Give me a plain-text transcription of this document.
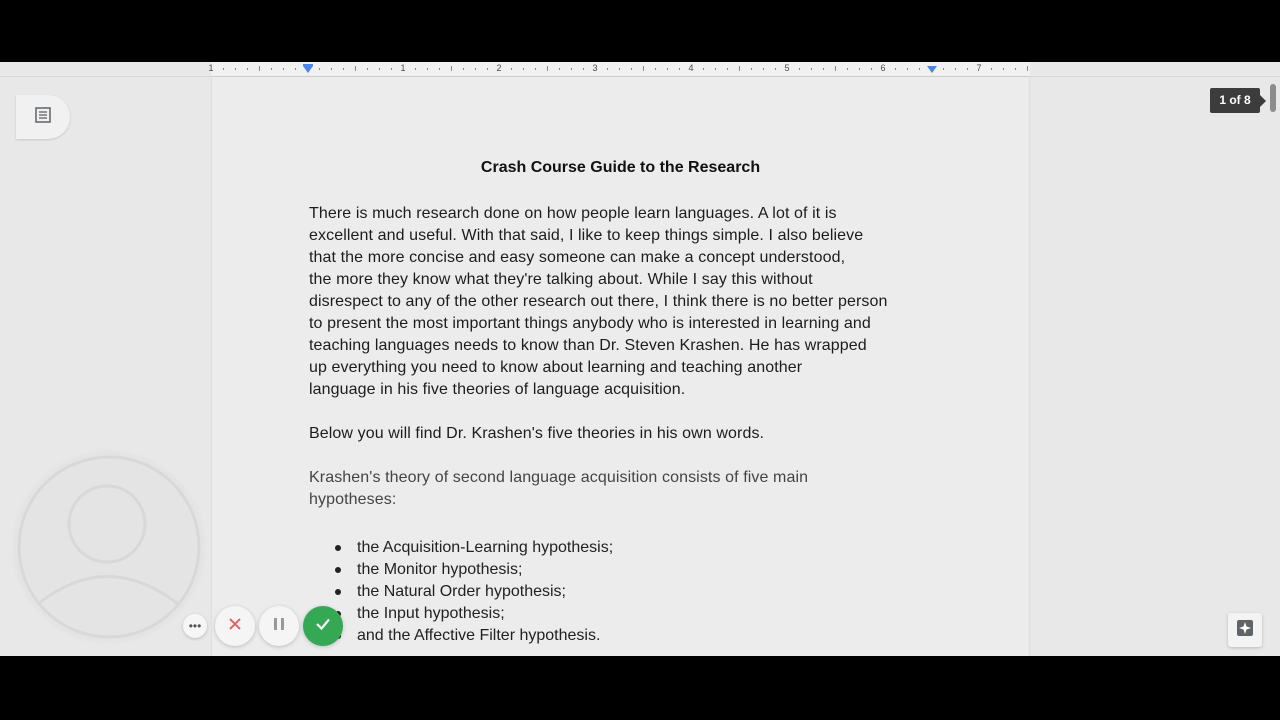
1	1	2	3	4	5	6	7
Crash Course Guide to the Research
There is much research done on how people learn languages. A lot of it is
excellent and useful. With that said, I like to keep things simple. I also believe
that the more concise and easy someone can make a concept understood,
the more they know what they're talking about. While I say this without
disrespect to any of the other research out there, I think there is no better person
to present the most important things anybody who is interested in learning and
teaching languages needs to know than Dr. Steven Krashen. He has wrapped
up everything you need to know about learning and teaching another
language in his five theories of language acquisition.
Below you will find Dr. Krashen's five theories in his own words.
Krashen's theory of second language acquisition consists of five main
hypotheses:
the Acquisition-Learning hypothesis;
the Monitor hypothesis;
the Natural Order hypothesis;
the Input hypothesis;
and the Affective Filter hypothesis.
1 of 8
•••
